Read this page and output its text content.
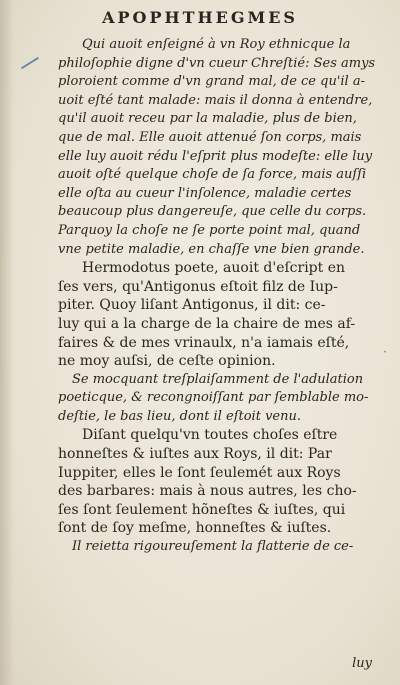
APOPHTHEGMES
Qui auoit enſeigné à vn Roy ethnicque la
philoſophie digne d'vn cueur Chreſtié: Ses amys
ploroient comme d'vn grand mal, de ce qu'il a-
uoit eſté tant malade: mais il donna à entendre,
qu'il auoit receu par la maladie, plus de bien,
que de mal. Elle auoit attenué ſon corps, mais
elle luy auoit rédu l'eſprit plus modeſte: elle luy
auoit oſté quelque choſe de ſa force, mais auſſi
elle oſta au cueur l'inſolence, maladie certes
beaucoup plus dangereuſe, que celle du corps.
Parquoy la choſe ne ſe porte point mal, quand
vne petite maladie, en chaſſe vne bien grande.
Hermodotus poete, auoit d'eſcript en
ſes vers, qu'Antigonus eſtoit filz de Iup-
piter. Quoy liſant Antigonus, il dit: ce-
luy qui a la charge de la chaire de mes af-
faires & de mes vrinaulx, n'a iamais eſté,
ne moy auſsi, de ceſte opinion.
Se mocquant treſplaiſamment de l'adulation
poeticque, & recongnoiſſant par ſemblable mo-
deſtie, le bas lieu, dont il eſtoit venu.
Diſant quelqu'vn toutes choſes eſtre
honneſtes & iuſtes aux Roys, il dit: Par
Iuppiter, elles le ſont ſeulemét aux Roys
des barbares: mais à nous autres, les cho-
ſes ſont ſeulement hõneſtes & iuſtes, qui
ſont de ſoy meſme, honneſtes & iuſtes.
Il reietta rigoureuſement la flatterie de ce-
·
luy
